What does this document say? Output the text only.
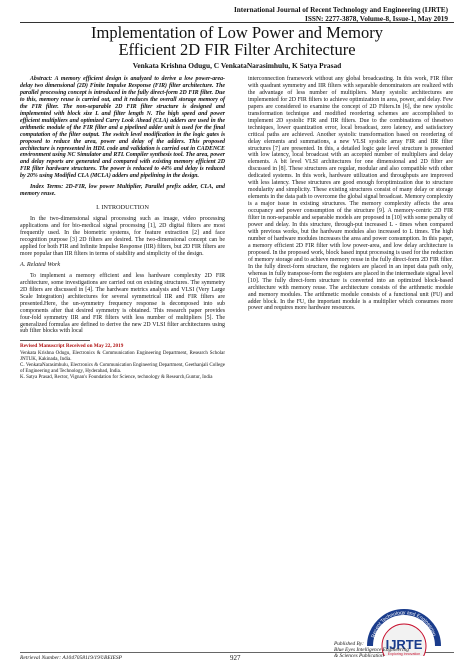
International Journal of Recent Technology and Engineering (IJRTE)
ISSN: 2277-3878, Volume-8, Issue-1, May 2019
Implementation of Low Power and Memory
Efficient 2D FIR Filter Architecture
Venkata Krishna Odugu, C VenkataNarasimhulu, K Satya Prasad

Abstract: A memory efficient design is analyzed to derive a low power-area-delay two dimensional (2D) Finite Impulse Response (FIR) filter architecture. The parallel processing concept is introduced in the fully direct-form 2D FIR filter. Due to this, memory reuse is carried out, and it reduces the overall storage memory of the FIR filter. The non-separable 2D FIR filter structure is designed and implemented with block size L and filter length N. The high speed and power efficient multipliers and optimized Carry Look Ahead (CLA) adders are used in the arithmetic module of the FIR filter and a pipelined adder unit is used for the final computation of the filter output. The switch level modification in the logic gates is proposed to reduce the area, power and delay of the adders. This proposed architecture is represented in HDL code and validation is carried out in CADENCE environment using NC Simulator and RTL Compiler synthesis tool. The area, power and delay reports are generated and compared with existing memory efficient 2D FIR filter hardware structures. The power is reduced to 44% and delay is reduced by 20% using Modified CLA (MCLA) adders and pipelining in the design.

Index Terms: 2D-FIR, low power Multiplier, Parallel prefix adder, CLA, and memory reuse.

I. INTRODUCTION

In the two-dimensional signal processing such as image, video processing applications and for bio-medical signal processing [1], 2D digital filters are most frequently used. In the biometric systems, for feature extraction [2] and face recognition purpose [3] 2D filters are desired. The two-dimensional concept can be applied for both FIR and Infinite Impulse Response (IIR) filters, but 2D FIR filters are more popular than IIR filters in terms of stability and simplicity of the design.

A. Related Work

To implement a memory efficient and less hardware complexity 2D FIR architecture, some investigations are carried out on existing structures. The symmetry 2D filters are discussed in [4]. The hardware metrics analysis and VLSI (Very Large Scale Integration) architectures for several symmetrical IIR and FIR filters are presented.Here, the un-symmetry frequency response is decomposed into sub components after that desired symmetry is obtained. This research paper provides four-fold symmetry IIR and FIR filters with less number of multipliers [5]. The generalized formulas are defined to derive the new 2D VLSI filter architectures using sub filter blocks with local

Revised Manuscript Received on May 22, 2019

Venkata Krishna Odugu, Electronics & Communication Engineering Department, Research Scholar JNTUK, Kakinada, India.

C. VenkataNarasimhulu, Electronics & Communication Engineering Department, Geethanjali College of Engineering and Technology, Hyderabad, India.

K. Satya Prasad, Rector, Vignan's Foundation for Science, technology & Research,Guntur, India

interconnection framework without any global broadcasting. In this work, FIR filter with quadrant symmetry and IIR filters with separable denominators are realized with the advantage of less number of multipliers. Many systolic architectures are implemented for 2D FIR filters to achieve optimization in area, power, and delay. Few papers are considered to examine the concept of 2D Filters.In [6], the new systolic transformation technique and modified reordering schemes are accomplished to implement 2D systolic FIR and IIR filters. Due to the combinations of thesetwo techniques, lower quantization error, local broadcast, zero latency, and satisfactory critical paths are achieved. Another systolic transformation based on reordering of delay elements and summations, a new VLSI systolic array FIR and IIR filter structures [7] are presented. In this, a detailed logic gate level structure is presented with low latency, local broadcast with an accepted number of multipliers and delay elements. A bit level VLSI architectures for one dimensional and 2D filter are discussed in [8]. These structures are regular, modular and also compatible with other dedicated systems. In this work, hardware utilization and throughputs are improved with less latency. These structures are good enough foroptimization due to structure modularity and simplicity. These existing structures consist of many delay or storage elements in the data path to overcome the global signal broadcast. Memory complexity is a major issue in existing structures. The memory complexity affects the area occupancy and power consumption of the structure [9]. A memory-centric 2D FIR filter in non-separable and separable models are proposed in [10] with some penalty of power and delay. In this structure, through-put increased L - times when compared with previous works, but the hardware modules also increased to L times. The high number of hardware modules increases the area and power consumption. In this paper, a memory efficient 2D FIR filter with low power-area, and low delay architecture is proposed. In the proposed work, block based input processing is used for the reduction of memory storage and to achieve memory reuse in the fully direct-form 2D FIR filter. In the fully direct-form structure, the registers are placed in an input data path only, whereas in fully transpose-form the registers are placed in the intermediate signal level [10]. The fully direct-form structure is converted into an optimized block-based architecture with memory reuse. The architecture consists of the arithmetic module and memory modules. The arithmetic module consists of a functional unit (FU) and adder block. In the FU, the important module is a multiplier which consumes more power and requires more hardware resources.

Retrieval Number: A1047058119/19©BEIESP	927
Recent Technology and Engineering
IJRTE
Exploring Innovation
Published By:
Blue Eyes Intelligence Engineering
& Sciences Publication
